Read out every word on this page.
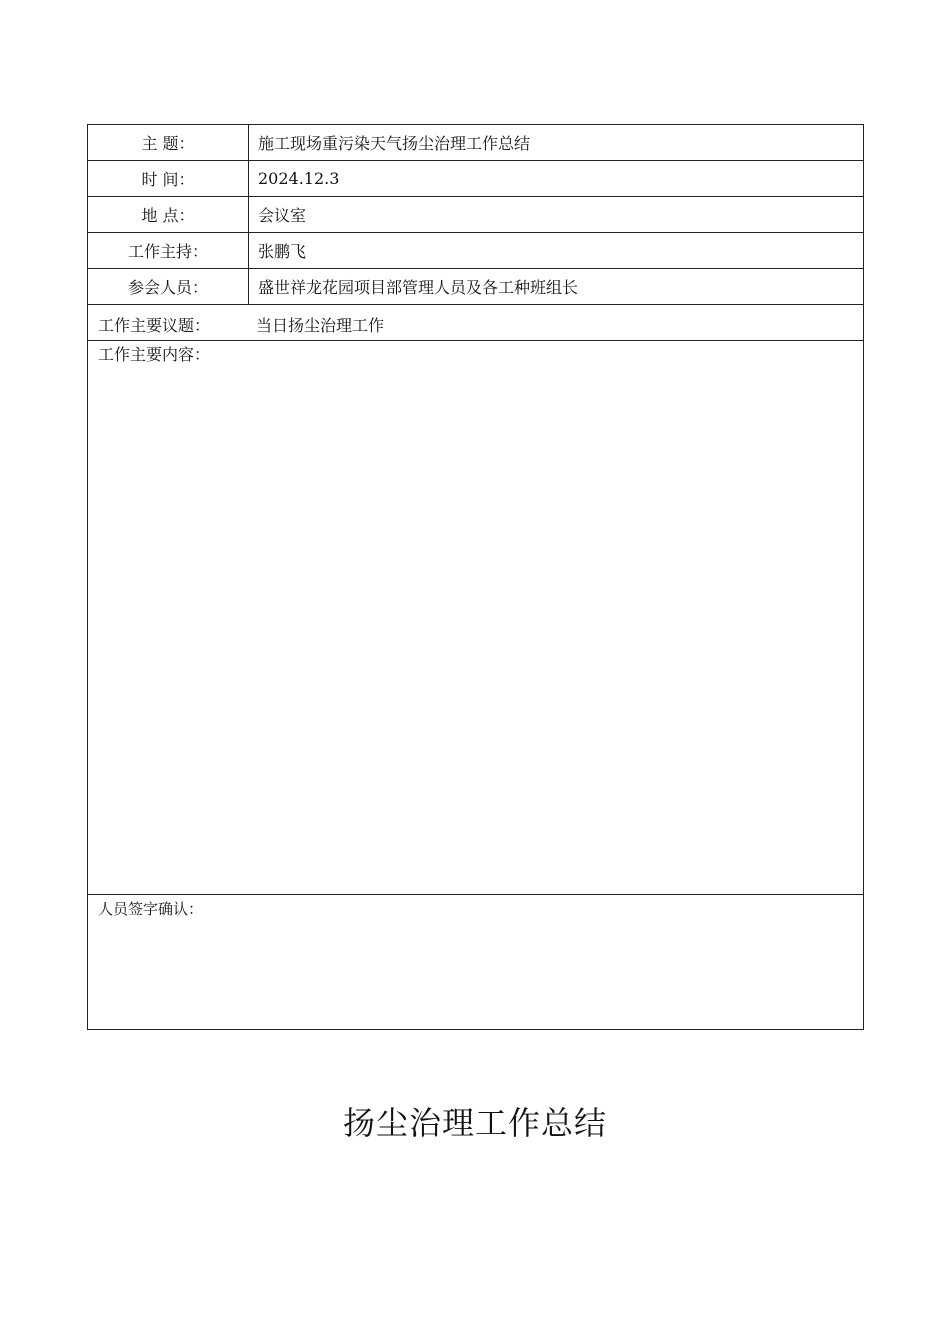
主 题：	施工现场重污染天气扬尘治理工作总结
时 间：	2024.12.3
地 点：	会议室
工作主持：	张鹏飞
参会人员：	盛世祥龙花园项目部管理人员及各工种班组长

工作主要议题： 当日扬尘治理工作	

工作主要内容：	

人员签字确认：	
扬尘治理工作总结
